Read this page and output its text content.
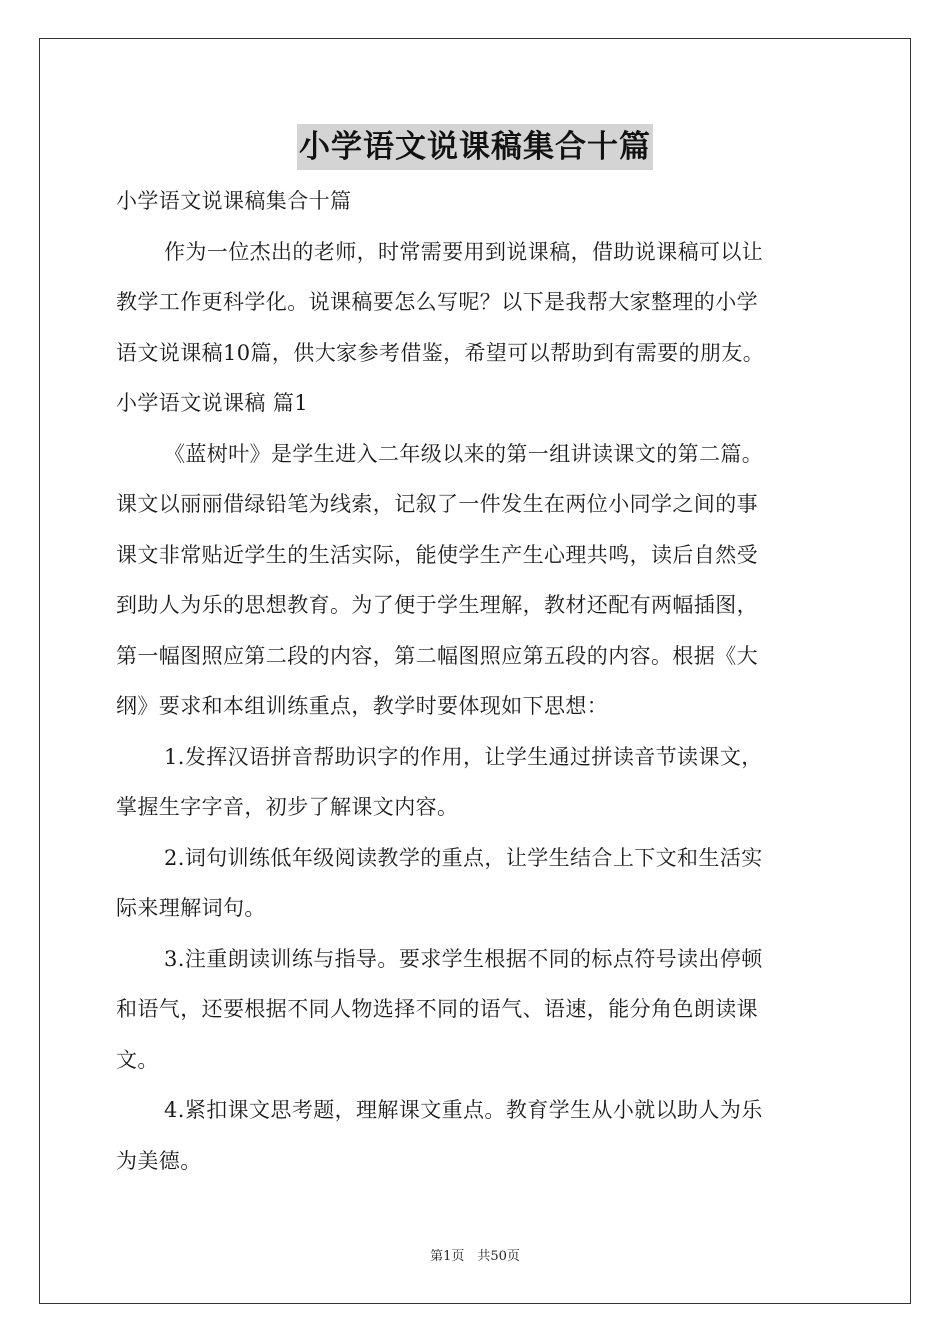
小学语文说课稿集合十篇
小学语文说课稿集合十篇
作为一位杰出的老师，时常需要用到说课稿，借助说课稿可以让
教学工作更科学化。说课稿要怎么写呢？以下是我帮大家整理的小学
语文说课稿10篇，供大家参考借鉴，希望可以帮助到有需要的朋友。
小学语文说课稿 篇1
《蓝树叶》是学生进入二年级以来的第一组讲读课文的第二篇。
课文以丽丽借绿铅笔为线索，记叙了一件发生在两位小同学之间的事
课文非常贴近学生的生活实际，能使学生产生心理共鸣，读后自然受
到助人为乐的思想教育。为了便于学生理解，教材还配有两幅插图，
第一幅图照应第二段的内容，第二幅图照应第五段的内容。根据《大
纲》要求和本组训练重点，教学时要体现如下思想：
1.发挥汉语拼音帮助识字的作用，让学生通过拼读音节读课文，
掌握生字字音，初步了解课文内容。
2.词句训练低年级阅读教学的重点，让学生结合上下文和生活实
际来理解词句。
3.注重朗读训练与指导。要求学生根据不同的标点符号读出停顿
和语气，还要根据不同人物选择不同的语气、语速，能分角色朗读课
文。
4.紧扣课文思考题，理解课文重点。教育学生从小就以助人为乐
为美德。
第1页　共50页
